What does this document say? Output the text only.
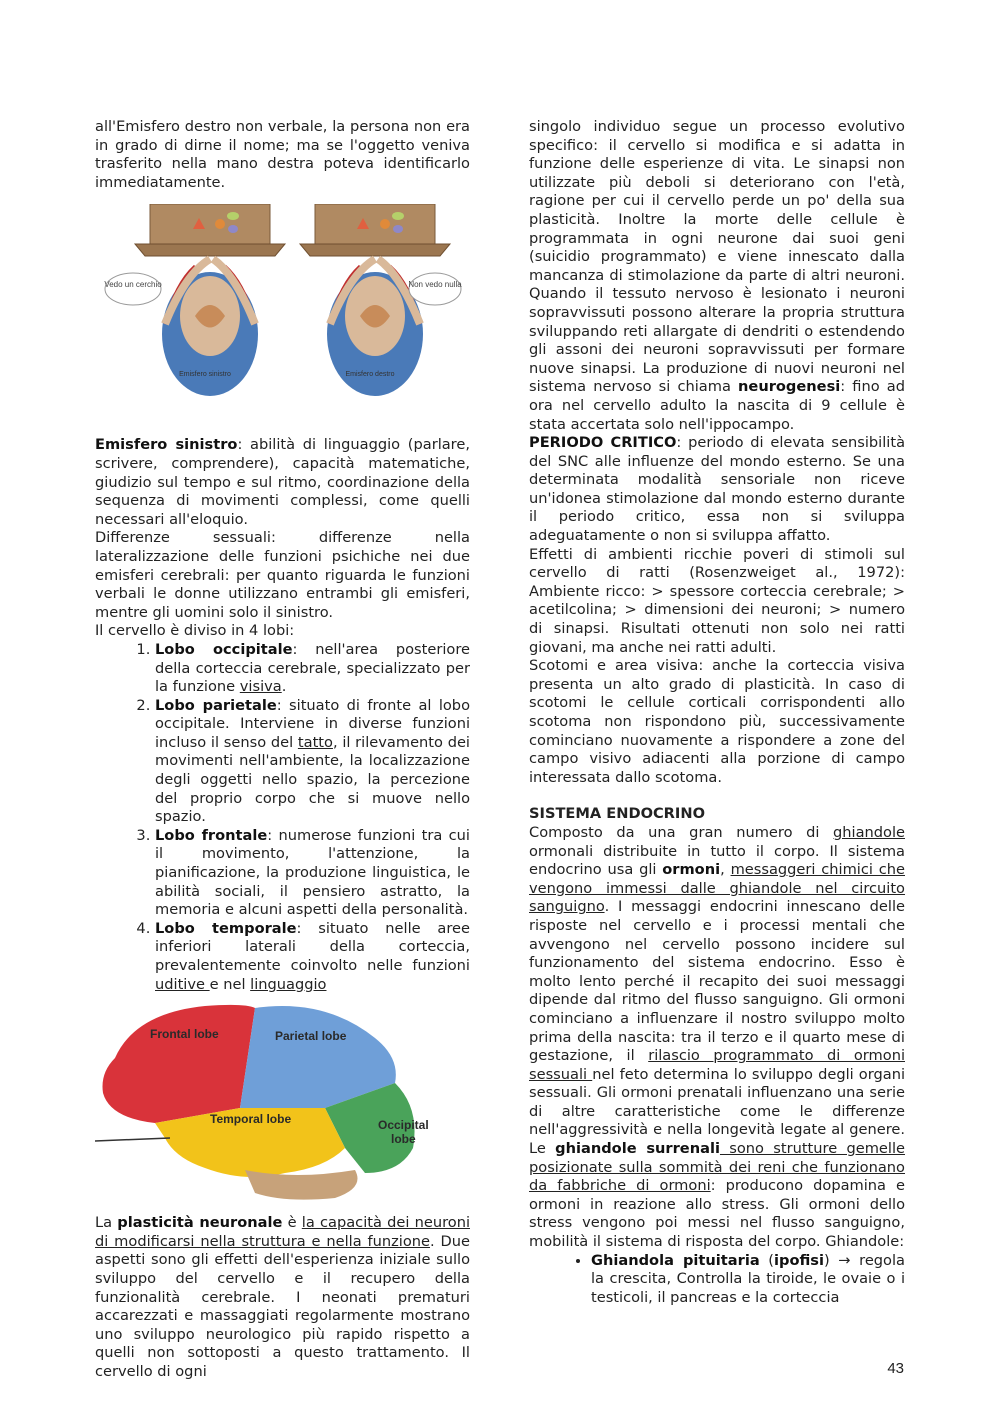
all'Emisfero destro non verbale, la persona non era in grado di dirne il nome; ma se l'oggetto veniva trasferito nella mano destra poteva identificarlo immediatamente.

Vedo un cerchio
Emisfero sinistro
Non vedo nulla
Emisfero destro

Emisfero sinistro: abilità di linguaggio (parlare, scrivere, comprendere), capacità matematiche, giudizio sul tempo e sul ritmo, coordinazione della sequenza di movimenti complessi, come quelli necessari all'eloquio.

Differenze sessuali: differenze nella lateralizzazione delle funzioni psichiche nei due emisferi cerebrali: per quanto riguarda le funzioni verbali le donne utilizzano entrambi gli emisferi, mentre gli uomini solo il sinistro.

Il cervello è diviso in 4 lobi:

1. Lobo occipitale: nell'area posteriore della corteccia cerebrale, specializzato per la funzione visiva.
2. Lobo parietale: situato di fronte al lobo occipitale. Interviene in diverse funzioni incluso il senso del tatto, il rilevamento dei movimenti nell'ambiente, la localizzazione degli oggetti nello spazio, la percezione del proprio corpo che si muove nello spazio.
3. Lobo frontale: numerose funzioni tra cui il movimento, l'attenzione, la pianificazione, la produzione linguistica, le abilità sociali, il pensiero astratto, la memoria e alcuni aspetti della personalità.
4. Lobo temporale: situato nelle aree inferiori laterali della corteccia, prevalentemente coinvolto nelle funzioni uditive e nel linguaggio
Frontal lobe	Parietal lobe
Temporal lobe	Occipital
lobe

La plasticità neuronale è la capacità dei neuroni di modificarsi nella struttura e nella funzione. Due aspetti sono gli effetti dell'esperienza iniziale sullo sviluppo del cervello e il recupero della funzionalità cerebrale. I neonati prematuri accarezzati e massaggiati regolarmente mostrano uno sviluppo neurologico più rapido rispetto a quelli non sottoposti a questo trattamento. Il cervello di ogni

singolo individuo segue un processo evolutivo specifico: il cervello si modifica e si adatta in funzione delle esperienze di vita. Le sinapsi non utilizzate più deboli si deteriorano con l'età, ragione per cui il cervello perde un po' della sua plasticità. Inoltre la morte delle cellule è programmata in ogni neurone dai suoi geni (suicidio programmato) e viene innescato dalla mancanza di stimolazione da parte di altri neuroni. Quando il tessuto nervoso è lesionato i neuroni sopravvissuti possono alterare la propria struttura sviluppando reti allargate di dendriti o estendendo gli assoni dei neuroni sopravvissuti per formare nuove sinapsi. La produzione di nuovi neuroni nel sistema nervoso si chiama neurogenesi: fino ad ora nel cervello adulto la nascita di 9 cellule è stata accertata solo nell'ippocampo.

PERIODO CRITICO: periodo di elevata sensibilità del SNC alle influenze del mondo esterno. Se una determinata modalità sensoriale non riceve un'idonea stimolazione dal mondo esterno durante il periodo critico, essa non si sviluppa adeguatamente o non si sviluppa affatto.

Effetti di ambienti ricchie poveri di stimoli sul cervello di ratti (Rosenzweiget al., 1972): Ambiente ricco: > spessore corteccia cerebrale; > acetilcolina; > dimensioni dei neuroni; > numero di sinapsi. Risultati ottenuti non solo nei ratti giovani, ma anche nei ratti adulti.

Scotomi e area visiva: anche la corteccia visiva presenta un alto grado di plasticità. In caso di scotomi le cellule corticali corrispondenti allo scotoma non rispondono più, successivamente cominciano nuovamente a rispondere a zone del campo visivo adiacenti alla porzione di campo interessata dallo scotoma.

SISTEMA ENDOCRINO

Composto da una gran numero di ghiandole ormonali distribuite in tutto il corpo. Il sistema endocrino usa gli ormoni, messaggeri chimici che vengono immessi dalle ghiandole nel circuito sanguigno. I messaggi endocrini innescano delle risposte nel cervello e i processi mentali che avvengono nel cervello possono incidere sul funzionamento del sistema endocrino. Esso è molto lento perché il recapito dei suoi messaggi dipende dal ritmo del flusso sanguigno. Gli ormoni cominciano a influenzare il nostro sviluppo molto prima della nascita: tra il terzo e il quarto mese di gestazione, il rilascio programmato di ormoni sessuali nel feto determina lo sviluppo degli organi sessuali. Gli ormoni prenatali influenzano una serie di altre caratteristiche come le differenze nell'aggressività e nella longevità legate al genere. Le ghiandole surrenali sono strutture gemelle posizionate sulla sommità dei reni che funzionano da fabbriche di ormoni: producono dopamina e ormoni in reazione allo stress. Gli ormoni dello stress vengono poi messi nel flusso sanguigno, mobilità il sistema di risposta del corpo. Ghiandole:

• Ghiandola pituitaria (ipofisi) → regola la crescita, Controlla la tiroide, le ovaie o i testicoli, il pancreas e la corteccia
43
